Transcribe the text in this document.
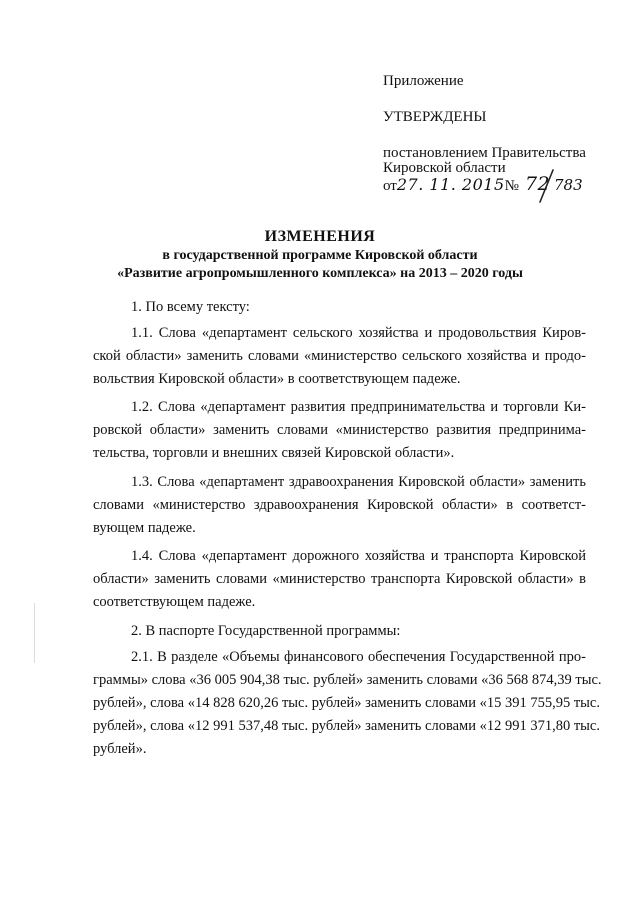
Приложение
УТВЕРЖДЕНЫ
постановлением Правительства
Кировской области
от27. 11. 2015№ 72 783
ИЗМЕНЕНИЯ
в государственной программе Кировской области
«Развитие агропромышленного комплекса» на 2013 – 2020 годы
1. По всему тексту:
1.1. Слова «департамент сельского хозяйства и продовольствия Киров-
ской области» заменить словами «министерство сельского хозяйства и продо-
вольствия Кировской области» в соответствующем падеже.
1.2. Слова «департамент развития предпринимательства и торговли Ки-
ровской области» заменить словами «министерство развития предпринима-
тельства, торговли и внешних связей Кировской области».
1.3. Слова «департамент здравоохранения Кировской области» заменить
словами «министерство здравоохранения Кировской области» в соответст-
вующем падеже.
1.4. Слова «департамент дорожного хозяйства и транспорта Кировской
области» заменить словами «министерство транспорта Кировской области» в
соответствующем падеже.
2. В паспорте Государственной программы:
2.1. В разделе «Объемы финансового обеспечения Государственной про-
граммы» слова «36 005 904,38 тыс. рублей» заменить словами «36 568 874,39 тыс.
рублей», слова «14 828 620,26 тыс. рублей» заменить словами «15 391 755,95 тыс.
рублей», слова «12 991 537,48 тыс. рублей» заменить словами «12 991 371,80 тыс.
рублей».
